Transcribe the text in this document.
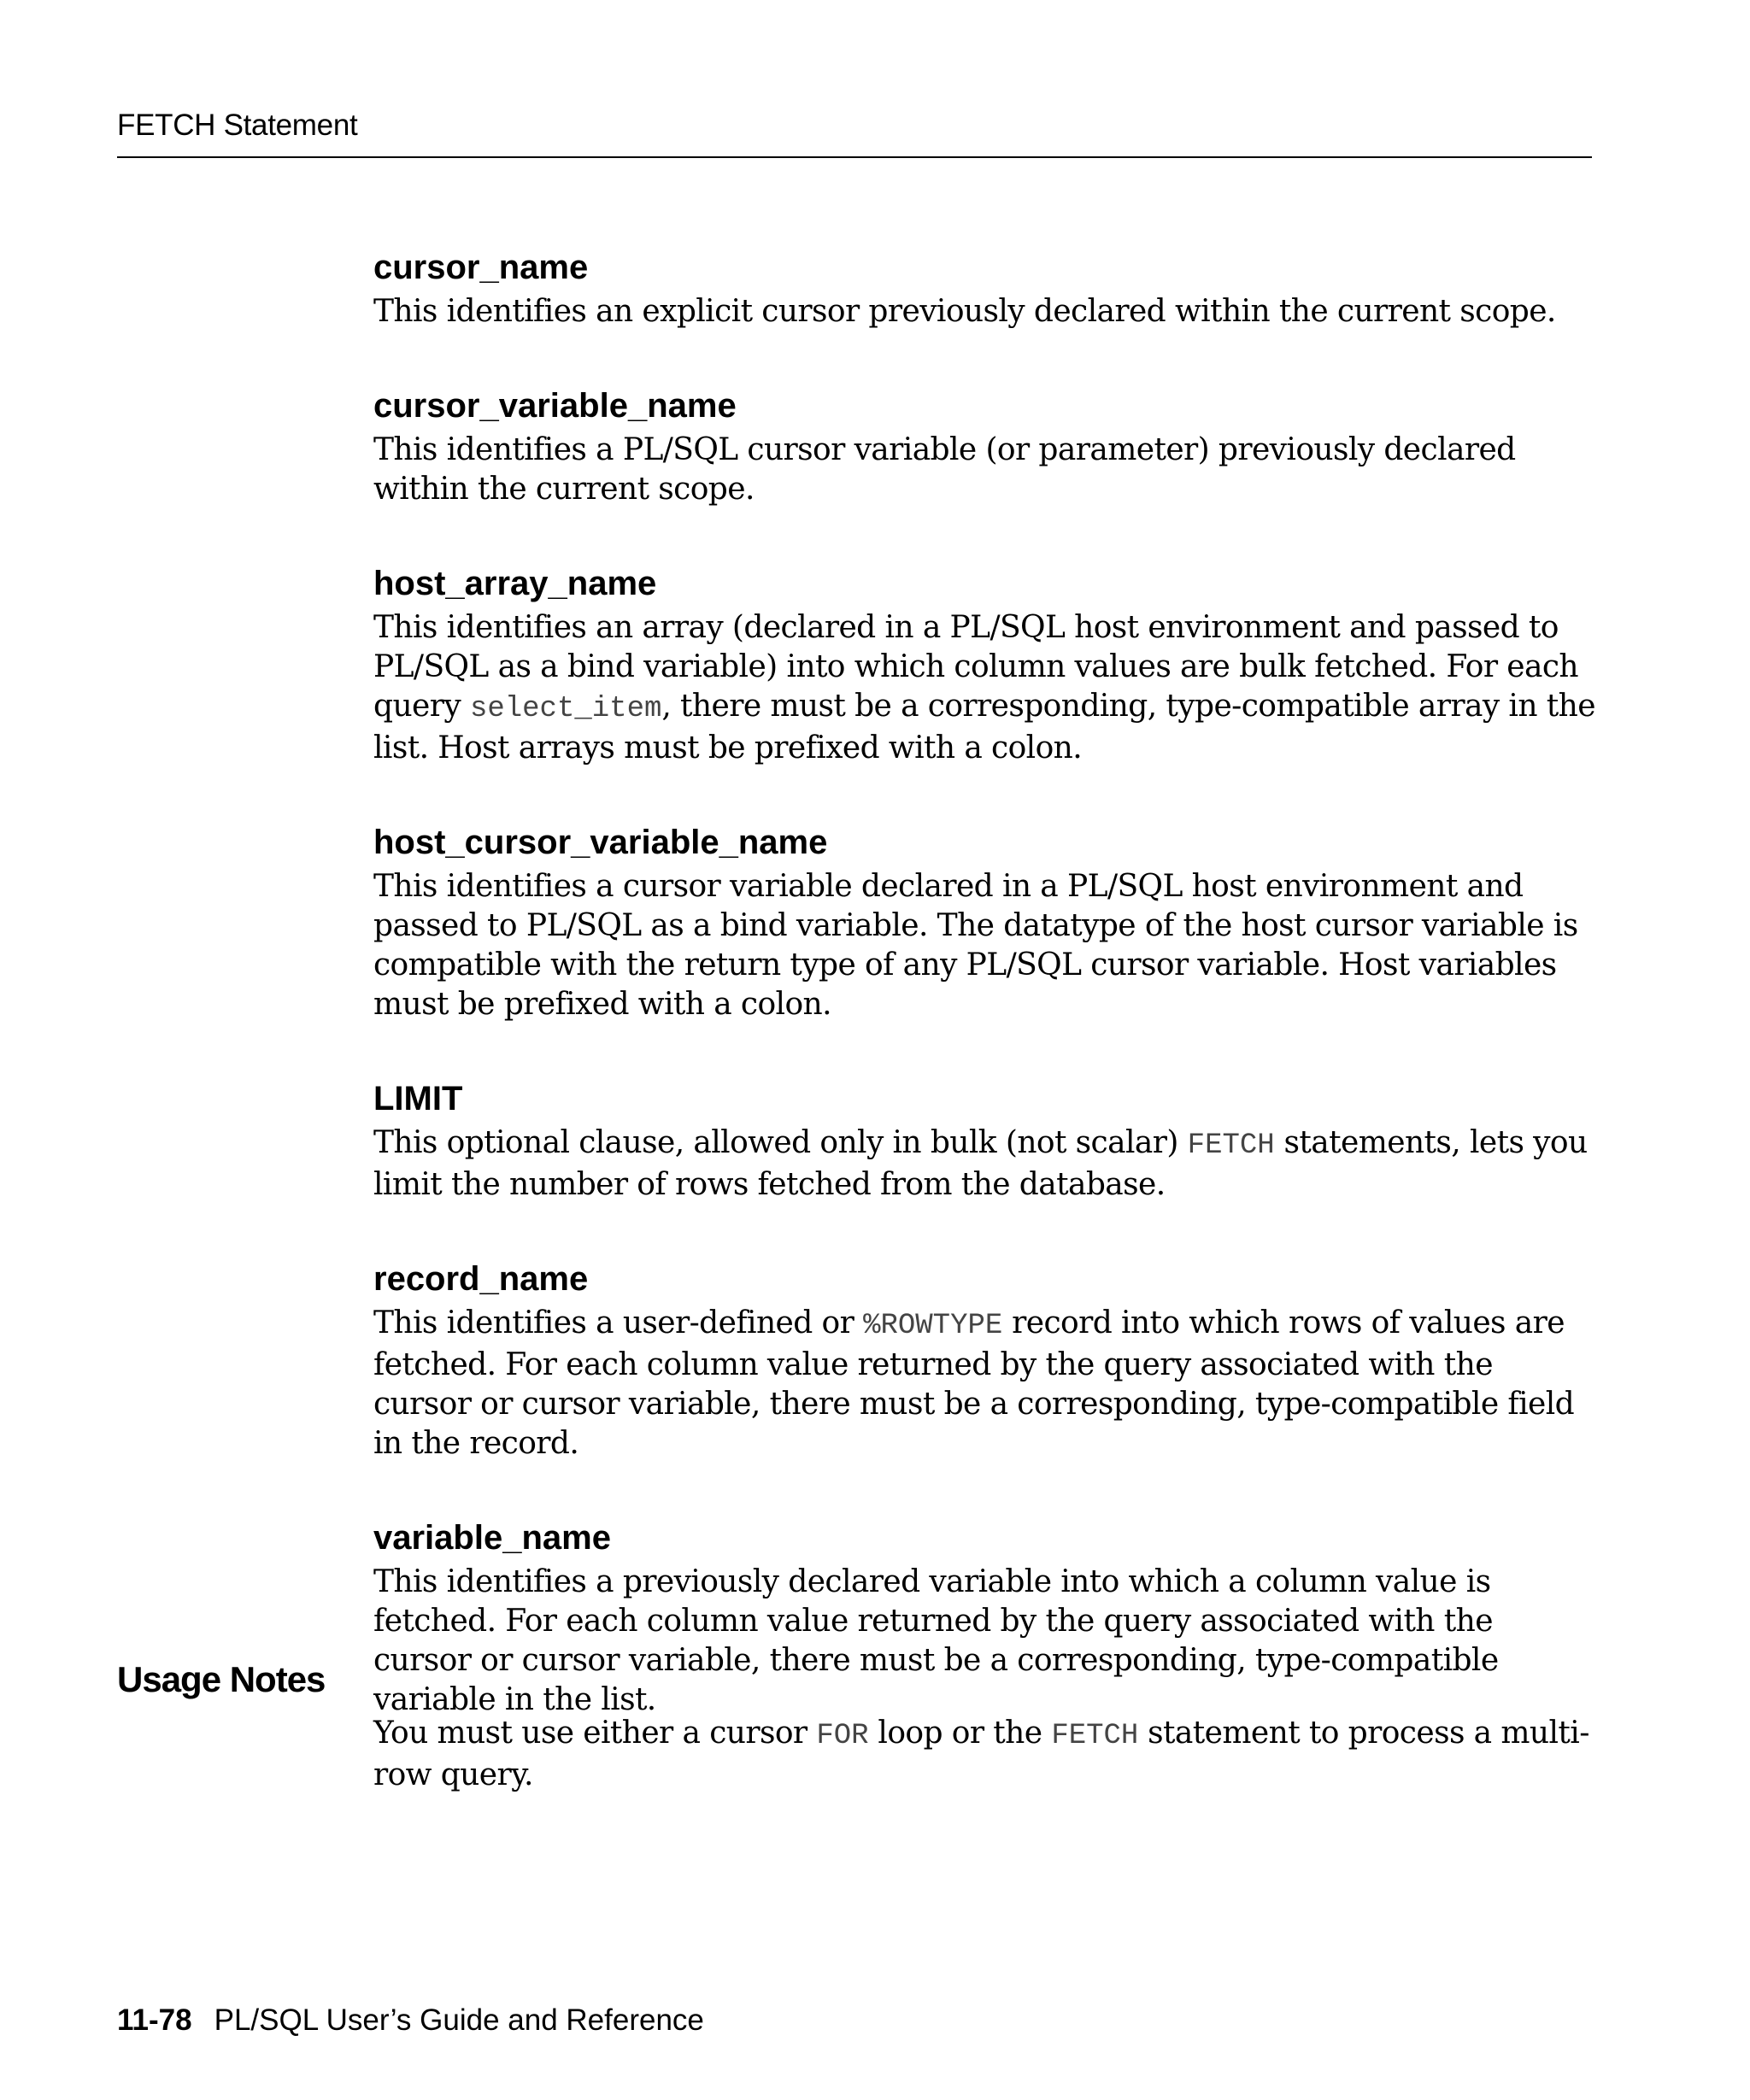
FETCH Statement
cursor_name

This identifies an explicit cursor previously declared within the current scope.

cursor_variable_name

This identifies a PL/SQL cursor variable (or parameter) previously declared within the current scope.

host_array_name

This identifies an array (declared in a PL/SQL host environment and passed to PL/SQL as a bind variable) into which column values are bulk fetched. For each query select_item, there must be a corresponding, type-compatible array in the list. Host arrays must be prefixed with a colon.

host_cursor_variable_name

This identifies a cursor variable declared in a PL/SQL host environment and passed to PL/SQL as a bind variable. The datatype of the host cursor variable is compatible with the return type of any PL/SQL cursor variable. Host variables must be prefixed with a colon.

LIMIT

This optional clause, allowed only in bulk (not scalar) FETCH statements, lets you limit the number of rows fetched from the database.

record_name

This identifies a user-defined or %ROWTYPE record into which rows of values are fetched. For each column value returned by the query associated with the cursor or cursor variable, there must be a corresponding, type-compatible field in the record.

variable_name

This identifies a previously declared variable into which a column value is fetched. For each column value returned by the query associated with the cursor or cursor variable, there must be a corresponding, type-compatible variable in the list.

Usage Notes

You must use either a cursor FOR loop or the FETCH statement to process a multi-row query.

11-78 PL/SQL User’s Guide and Reference
